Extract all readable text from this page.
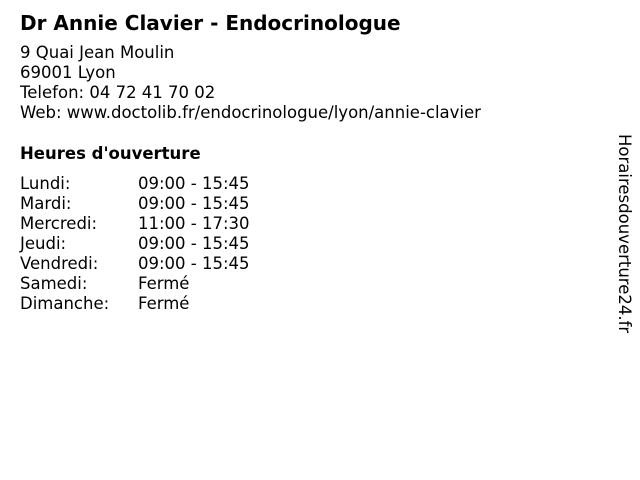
Dr Annie Clavier - Endocrinologue
9 Quai Jean Moulin
69001 Lyon
Telefon: 04 72 41 70 02
Web: www.doctolib.fr/endocrinologue/lyon/annie-clavier
Heures d'ouverture
Lundi:	09:00 - 15:45
Mardi:	09:00 - 15:45
Mercredi: 11:00 - 17:30
Jeudi:	09:00 - 15:45
Vendredi: 09:00 - 15:45
Samedi:	Fermé
Dimanche: Fermé	Horairesdouverture24.fr
